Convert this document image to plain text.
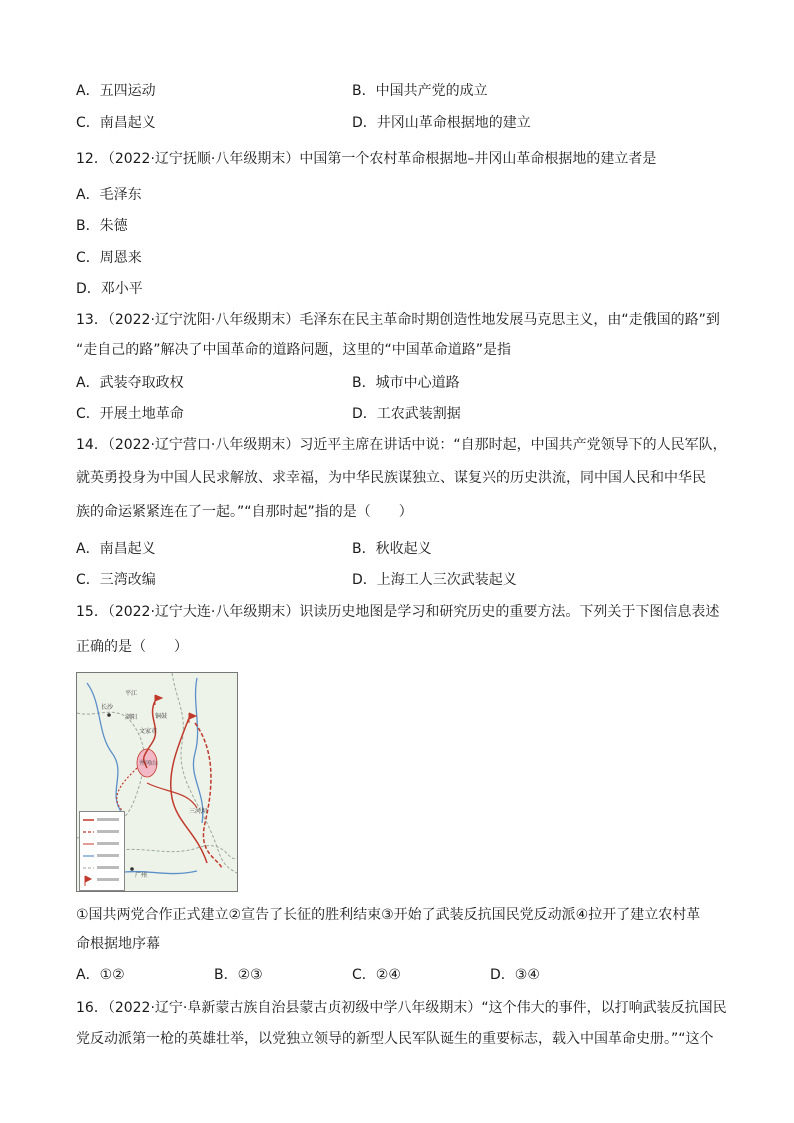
A．五四运动	B．中国共产党的成立
C．南昌起义	D．井冈山革命根据地的建立
12．（2022·辽宁抚顺·八年级期末）中国第一个农村革命根据地–井冈山革命根据地的建立者是
A．毛泽东
B．朱德
C．周恩来
D．邓小平
13．（2022·辽宁沈阳·八年级期末）毛泽东在民主革命时期创造性地发展马克思主义，由“走俄国的路”到
“走自己的路”解决了中国革命的道路问题，这里的“中国革命道路”是指
A．武装夺取政权	B．城市中心道路
C．开展土地革命	D．工农武装割据
14．（2022·辽宁营口·八年级期末）习近平主席在讲话中说：“自那时起，中国共产党领导下的人民军队，
就英勇投身为中国人民求解放、求幸福，为中华民族谋独立、谋复兴的历史洪流，同中国人民和中华民
族的命运紧紧连在了一起。”“自那时起”指的是（　　）
A．南昌起义	B．秋收起义
C．三湾改编	D．上海工人三次武装起义
15．（2022·辽宁大连·八年级期末）识读历史地图是学习和研究历史的重要方法。下列关于下图信息表述
正确的是（　　）
长沙
平江
浏阳	铜鼓
文家市
井冈山
三河坝
广州
①国共两党合作正式建立②宣告了长征的胜利结束③开始了武装反抗国民党反动派④拉开了建立农村革
命根据地序幕
A．①②	B．②③	C．②④	D．③④
16．（2022·辽宁·阜新蒙古族自治县蒙古贞初级中学八年级期末）“这个伟大的事件，以打响武装反抗国民
党反动派第一枪的英雄壮举，以党独立领导的新型人民军队诞生的重要标志，载入中国革命史册。”“这个
